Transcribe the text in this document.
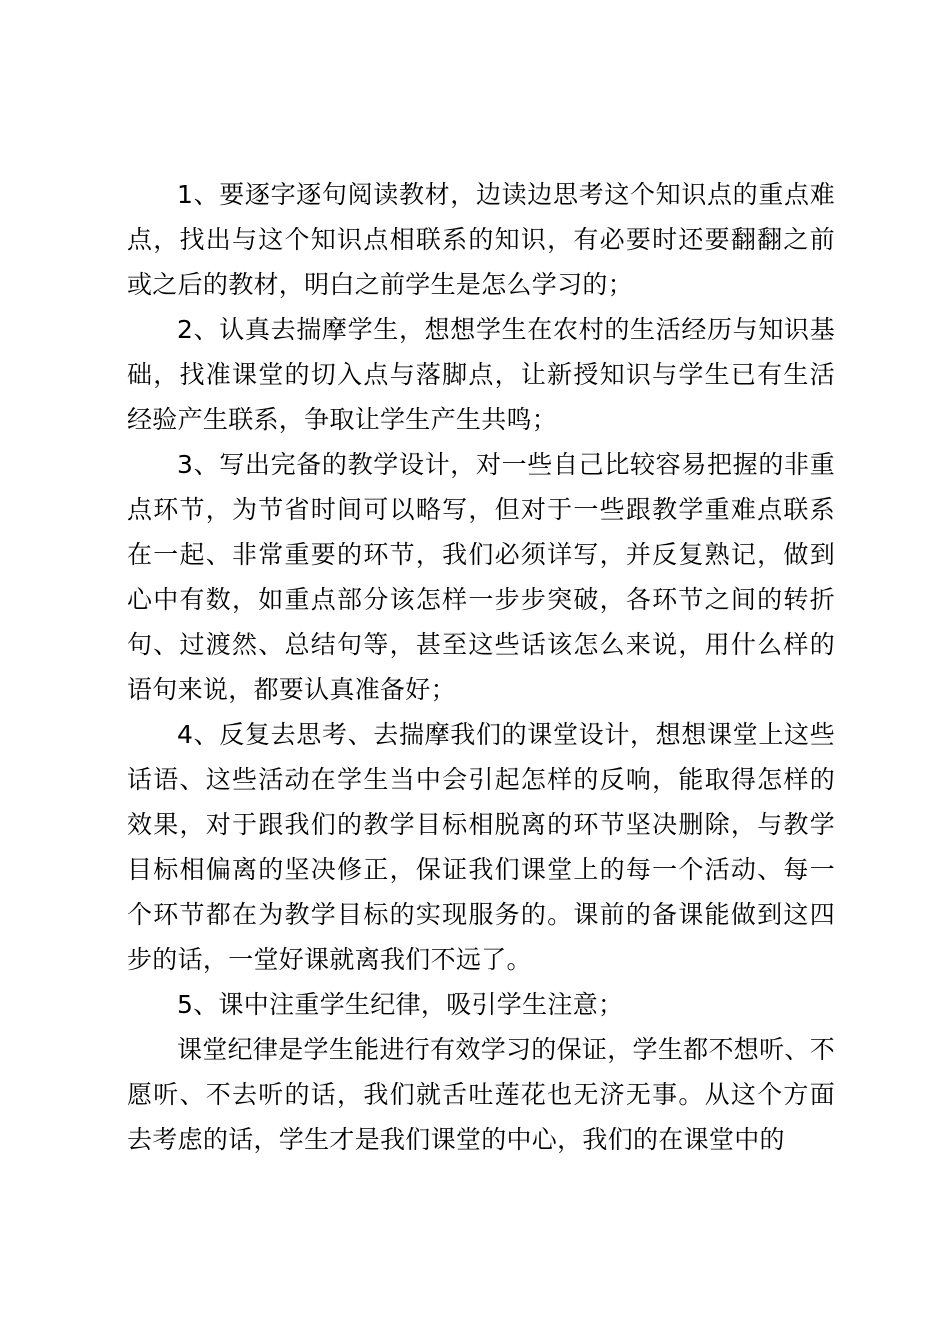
1、要逐字逐句阅读教材，边读边思考这个知识点的重点难点，找出与这个知识点相联系的知识，有必要时还要翻翻之前或之后的教材，明白之前学生是怎么学习的；

2、认真去揣摩学生，想想学生在农村的生活经历与知识基础，找准课堂的切入点与落脚点，让新授知识与学生已有生活经验产生联系，争取让学生产生共鸣；

3、写出完备的教学设计，对一些自己比较容易把握的非重点环节，为节省时间可以略写，但对于一些跟教学重难点联系在一起、非常重要的环节，我们必须详写，并反复熟记，做到心中有数，如重点部分该怎样一步步突破，各环节之间的转折句、过渡然、总结句等，甚至这些话该怎么来说，用什么样的语句来说，都要认真准备好；

4、反复去思考、去揣摩我们的课堂设计，想想课堂上这些话语、这些活动在学生当中会引起怎样的反响，能取得怎样的效果，对于跟我们的教学目标相脱离的环节坚决删除，与教学目标相偏离的坚决修正，保证我们课堂上的每一个活动、每一个环节都在为教学目标的实现服务的。课前的备课能做到这四步的话，一堂好课就离我们不远了。

5、课中注重学生纪律，吸引学生注意；

课堂纪律是学生能进行有效学习的保证，学生都不想听、不愿听、不去听的话，我们就舌吐莲花也无济无事。从这个方面去考虑的话，学生才是我们课堂的中心，我们的在课堂中的
